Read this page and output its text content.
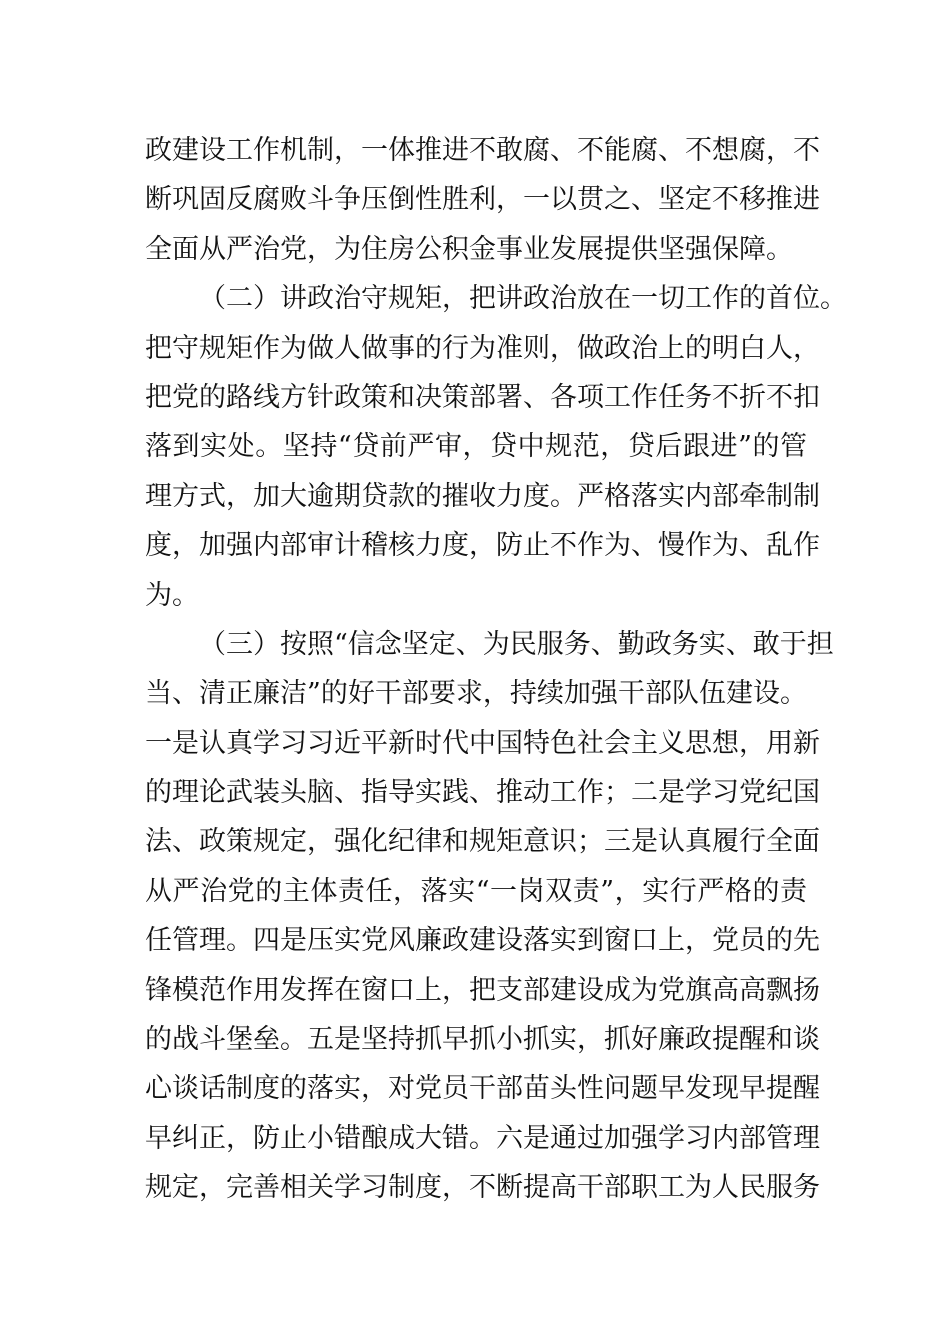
政建设工作机制，一体推进不敢腐、不能腐、不想腐，不
断巩固反腐败斗争压倒性胜利，一以贯之、坚定不移推进
全面从严治党，为住房公积金事业发展提供坚强保障。
（二）讲政治守规矩，把讲政治放在一切工作的首位。
把守规矩作为做人做事的行为准则，做政治上的明白人，
把党的路线方针政策和决策部署、各项工作任务不折不扣
落到实处。坚持“贷前严审，贷中规范，贷后跟进”的管
理方式，加大逾期贷款的摧收力度。严格落实内部牵制制
度，加强内部审计稽核力度，防止不作为、慢作为、乱作
为。
（三）按照“信念坚定、为民服务、勤政务实、敢于担
当、清正廉洁”的好干部要求，持续加强干部队伍建设。
一是认真学习习近平新时代中国特色社会主义思想，用新
的理论武装头脑、指导实践、推动工作；二是学习党纪国
法、政策规定，强化纪律和规矩意识；三是认真履行全面
从严治党的主体责任，落实“一岗双责”，实行严格的责
任管理。四是压实党风廉政建设落实到窗口上，党员的先
锋模范作用发挥在窗口上，把支部建设成为党旗高高飘扬
的战斗堡垒。五是坚持抓早抓小抓实，抓好廉政提醒和谈
心谈话制度的落实，对党员干部苗头性问题早发现早提醒
早纠正，防止小错酿成大错。六是通过加强学习内部管理
规定，完善相关学习制度，不断提高干部职工为人民服务
